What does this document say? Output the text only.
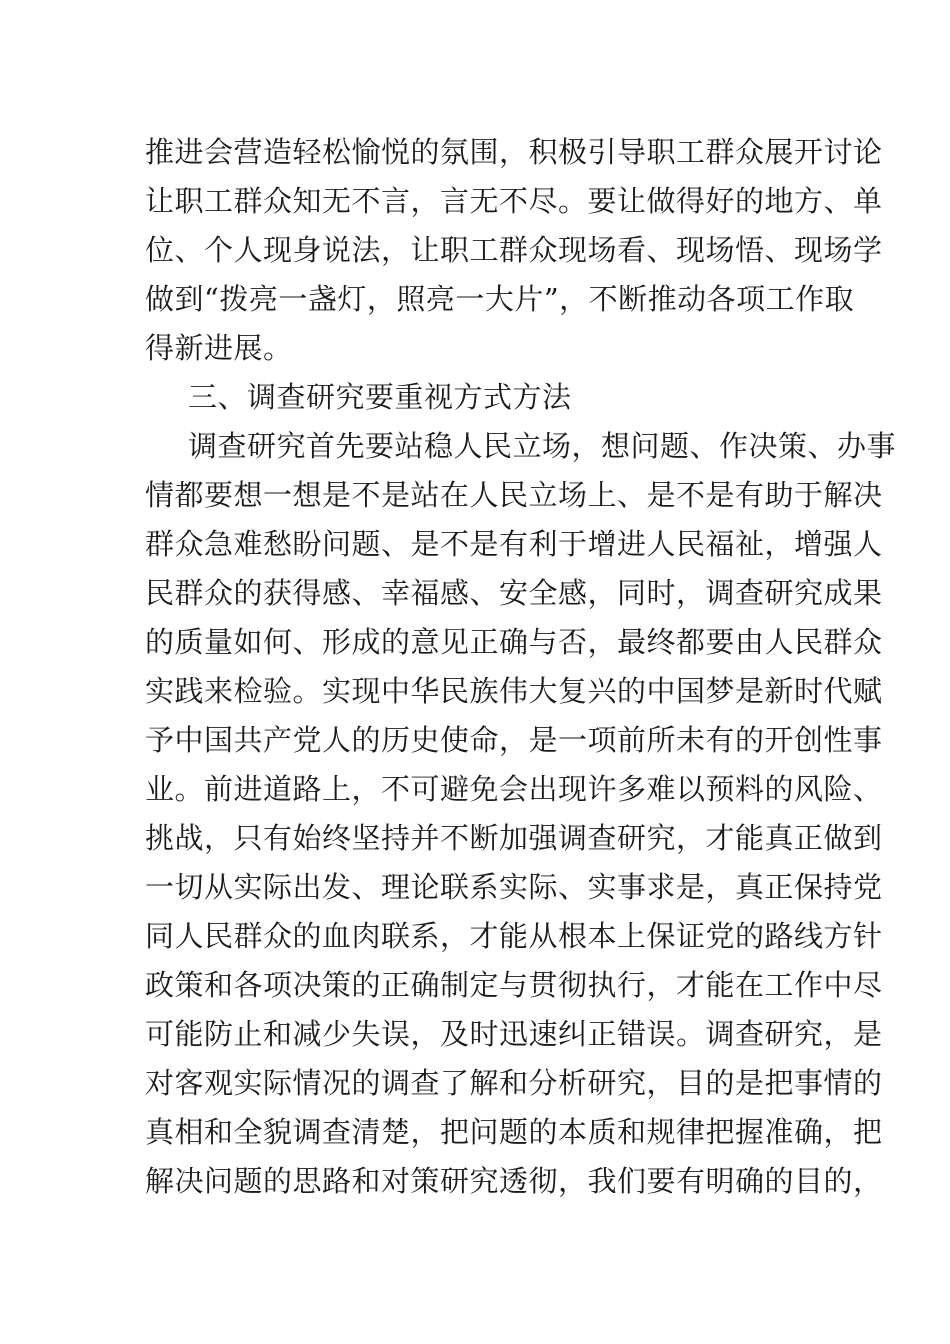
推进会营造轻松愉悦的氛围，积极引导职工群众展开讨论
让职工群众知无不言，言无不尽。要让做得好的地方、单
位、个人现身说法，让职工群众现场看、现场悟、现场学
做到“拨亮一盏灯，照亮一大片”，不断推动各项工作取
得新进展。
三、调查研究要重视方式方法
调查研究首先要站稳人民立场，想问题、作决策、办事
情都要想一想是不是站在人民立场上、是不是有助于解决
群众急难愁盼问题、是不是有利于增进人民福祉，增强人
民群众的获得感、幸福感、安全感，同时，调查研究成果
的质量如何、形成的意见正确与否，最终都要由人民群众
实践来检验。实现中华民族伟大复兴的中国梦是新时代赋
予中国共产党人的历史使命，是一项前所未有的开创性事
业。前进道路上，不可避免会出现许多难以预料的风险、
挑战，只有始终坚持并不断加强调查研究，才能真正做到
一切从实际出发、理论联系实际、实事求是，真正保持党
同人民群众的血肉联系，才能从根本上保证党的路线方针
政策和各项决策的正确制定与贯彻执行，才能在工作中尽
可能防止和减少失误，及时迅速纠正错误。调查研究，是
对客观实际情况的调查了解和分析研究，目的是把事情的
真相和全貌调查清楚，把问题的本质和规律把握准确，把
解决问题的思路和对策研究透彻，我们要有明确的目的，
